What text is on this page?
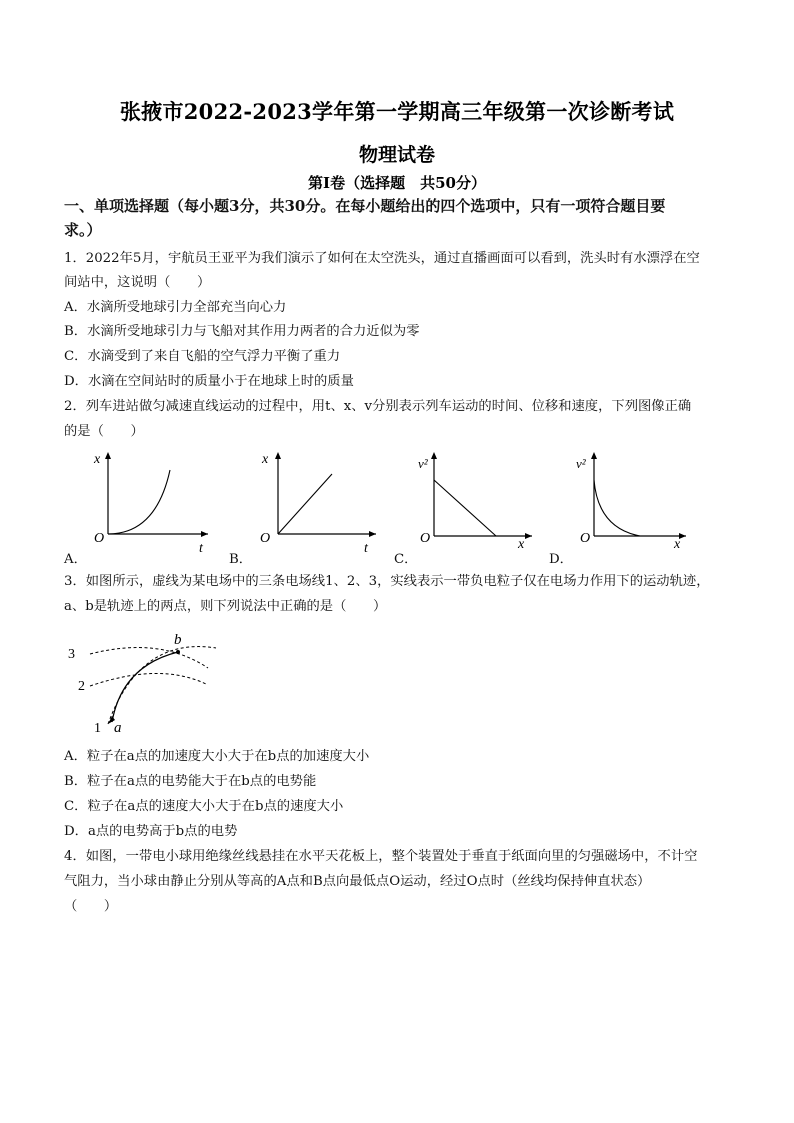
张掖市2022-2023学年第一学期高三年级第一次诊断考试
物理试卷
第I卷（选择题　共50分）
一、单项选择题（每小题3分，共30分。在每小题给出的四个选项中，只有一项符合题目要
求。）
1．2022年5月，宇航员王亚平为我们演示了如何在太空洗头，通过直播画面可以看到，洗头时有水漂浮在空
间站中，这说明（　　）
A．水滴所受地球引力全部充当向心力
B．水滴所受地球引力与飞船对其作用力两者的合力近似为零
C．水滴受到了来自飞船的空气浮力平衡了重力
D．水滴在空间站时的质量小于在地球上时的质量
2．列车进站做匀减速直线运动的过程中，用t、x、v分别表示列车运动的时间、位移和速度，下列图像正确
的是（　　）
A．
x
O
t
B．
x
O
t
C．
v²
O	x
D．
v²
O	x
3．如图所示，虚线为某电场中的三条电场线1、2、3，实线表示一带负电粒子仅在电场力作用下的运动轨迹，
a、b是轨迹上的两点，则下列说法中正确的是（　　）
3
2
1 a
b
A．粒子在a点的加速度大小大于在b点的加速度大小
B．粒子在a点的电势能大于在b点的电势能
C．粒子在a点的速度大小大于在b点的速度大小
D．a点的电势高于b点的电势
4．如图，一带电小球用绝缘丝线悬挂在水平天花板上，整个装置处于垂直于纸面向里的匀强磁场中，不计空
气阻力，当小球由静止分别从等高的A点和B点向最低点O运动，经过O点时（丝线均保持伸直状态）
（　　）
